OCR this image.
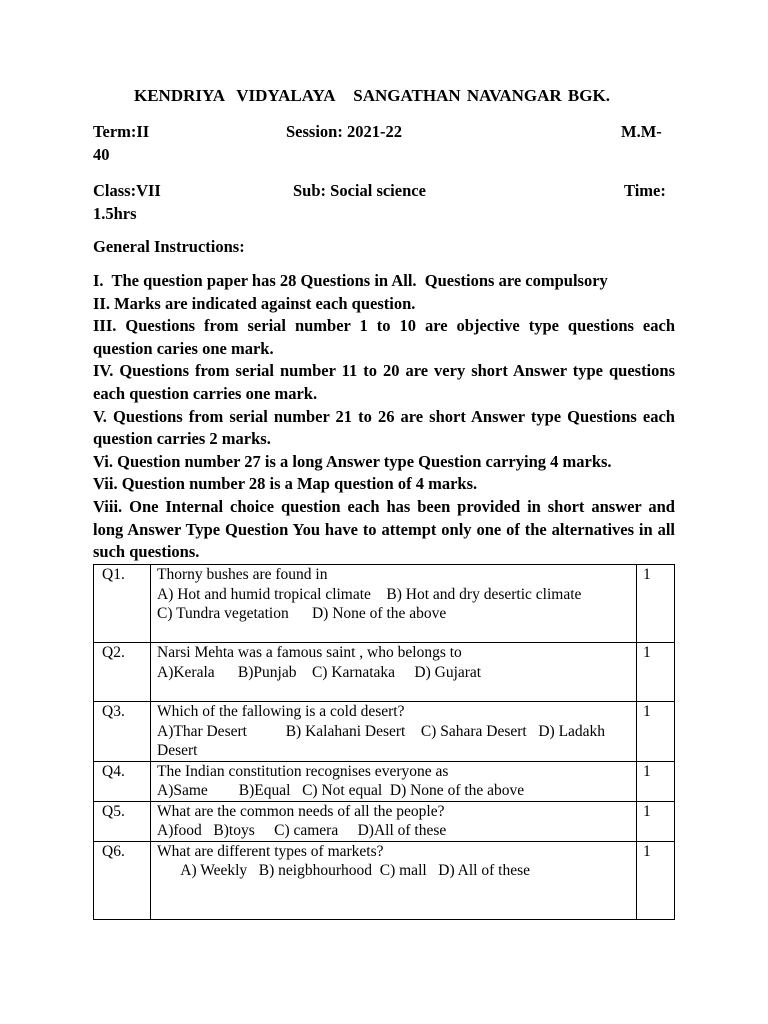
KENDRIYA  VIDYALAYA   SANGATHAN NAVANGAR BGK.
Term:II	Session: 2021-22	M.M-
40
Class:VII	Sub: Social science	Time:
1.5hrs
General Instructions:

I.  The question paper has 28 Questions in All.  Questions are compulsory

II. Marks are indicated against each question.

III. Questions from serial number 1 to 10 are objective type questions each question caries one mark.

IV. Questions from serial number 11 to 20 are very short Answer type questions each question carries one mark.

V. Questions from serial number 21 to 26 are short Answer type Questions each question carries 2 marks.

Vi. Question number 27 is a long Answer type Question carrying 4 marks.

Vii. Question number 28 is a Map question of 4 marks.

Viii. One Internal choice question each has been provided in short answer and long Answer Type Question You have to attempt only one of the alternatives in all such questions.

Q1.	Thorny bushes are found in
A) Hot and humid tropical climate    B) Hot and dry desertic climate
C) Tundra vegetation      D) None of the above	1
Q2.	Narsi Mehta was a famous saint , who belongs to
A)Kerala      B)Punjab    C) Karnataka     D) Gujarat	1
Q3.	Which of the fallowing is a cold desert?
A)Thar Desert          B) Kalahani Desert    C) Sahara Desert   D) Ladakh Desert	1
Q4.	The Indian constitution recognises everyone as
A)Same        B)Equal   C) Not equal  D) None of the above	1
Q5.	What are the common needs of all the people?
A)food   B)toys     C) camera     D)All of these	1
Q6.	What are different types of markets?
A) Weekly   B) neigbhourhood  C) mall   D) All of these	1
